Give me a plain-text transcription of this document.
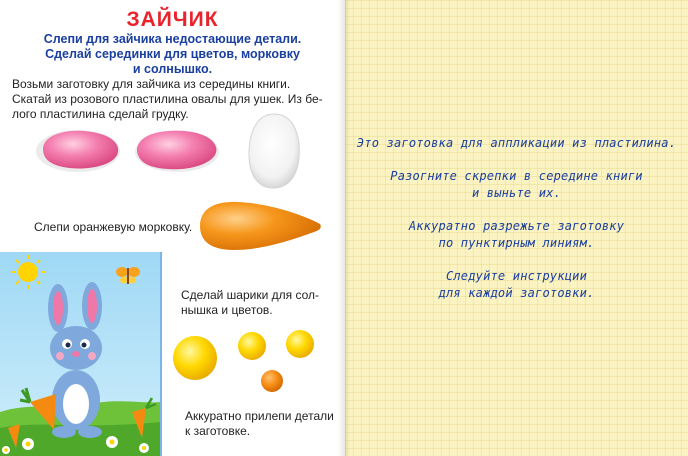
ЗАЙЧИК
Слепи для зайчика недостающие детали.
Сделай серединки для цветов, морковку
и солнышко.
Возьми заготовку для зайчика из середины книги.
Скатай из розового пластилина овалы для ушек. Из бе-
лого пластилина сделай грудку.
Слепи оранжевую морковку.
Сделай шарики для сол-
нышка и цветов.
Аккуратно прилепи детали
к заготовке.
Это заготовка для аппликации из пластилина.
Разогните скрепки в середине книги
и выньте их.
Аккуратно разрежьте заготовку
по пунктирным линиям.
Следуйте инструкции
для каждой заготовки.
